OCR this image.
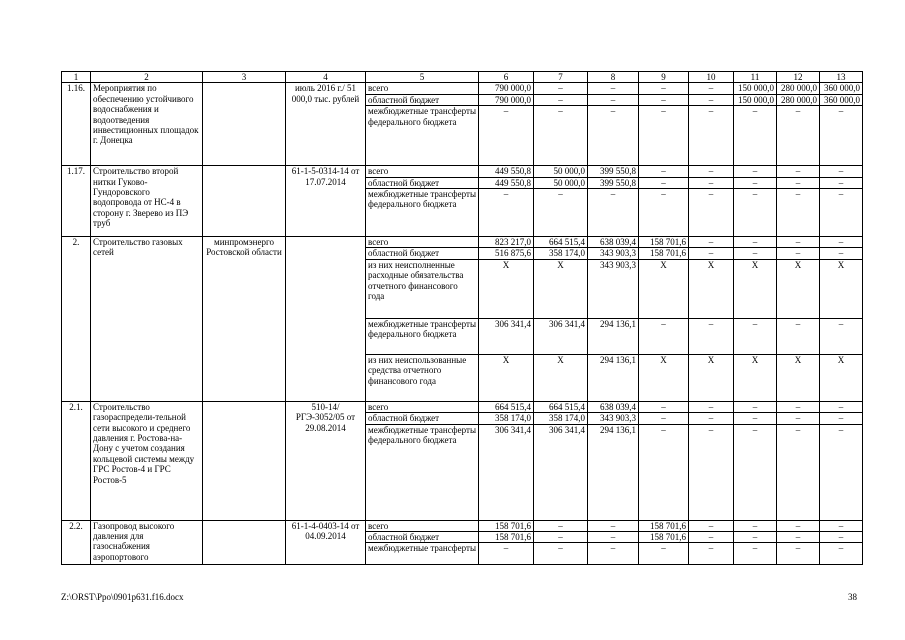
1	2	3	4	5	6	7	8	9	10	11	12	13
1.16.	Мероприятия по обеспечению устойчивого водоснабжения и водоотведения инвестиционных площадок г. Донецка		июль 2016 г./ 51 000,0 тыс. рублей	всего	790 000,0	–	–	–	–	150 000,0	280 000,0	360 000,0
				областной бюджет	790 000,0	–	–	–	–	150 000,0	280 000,0	360 000,0
				межбюджетные трансферты федерального бюджета	–	–	–	–	–	–	–	–
1.17.	Строительство второй нитки Гуково-Гундоровского водопровода от НС-4 в сторону г. Зверево из ПЭ труб		61-1-5-0314-14 от 17.07.2014	всего	449 550,8	50 000,0	399 550,8	–	–	–	–	–
				областной бюджет	449 550,8	50 000,0	399 550,8	–	–	–	–	–
				межбюджетные трансферты федерального бюджета	–	–	–	–	–	–	–	–
2.	Строительство газовых сетей	минпромэнерго Ростовской области		всего	823 217,0	664 515,4	638 039,4	158 701,6	–	–	–	–
				областной бюджет	516 875,6	358 174,0	343 903,3	158 701,6	–	–	–	–
				из них неисполненные расходные обязательства отчетного финансового года	X	X	343 903,3	X	X	X	X	X
				межбюджетные трансферты федерального бюджета	306 341,4	306 341,4	294 136,1	–	–	–	–	–
				из них неиспользованные средства отчетного финансового года	X	X	294 136,1	X	X	X	X	X
2.1.	Строительство газораспредели-тельной сети высокого и среднего давления г. Ростова-на-Дону с учетом создания кольцевой системы между ГРС Ростов-4 и ГРС Ростов-5		510-14/РГЭ-3052/05 от 29.08.2014	всего	664 515,4	664 515,4	638 039,4	–	–	–	–	–
				областной бюджет	358 174,0	358 174,0	343 903,3	–	–	–	–	–
				межбюджетные трансферты федерального бюджета	306 341,4	306 341,4	294 136,1	–	–	–	–	–
2.2.	Газопровод высокого давления для газоснабжения аэропортового		61-1-4-0403-14 от 04.09.2014	всего	158 701,6	–	–	158 701,6	–	–	–	–
				областной бюджет	158 701,6	–	–	158 701,6	–	–	–	–
				межбюджетные трансферты	–	–	–	–	–	–	–	–
Z:\ORST\Ppo\0901p631.f16.docx	38
